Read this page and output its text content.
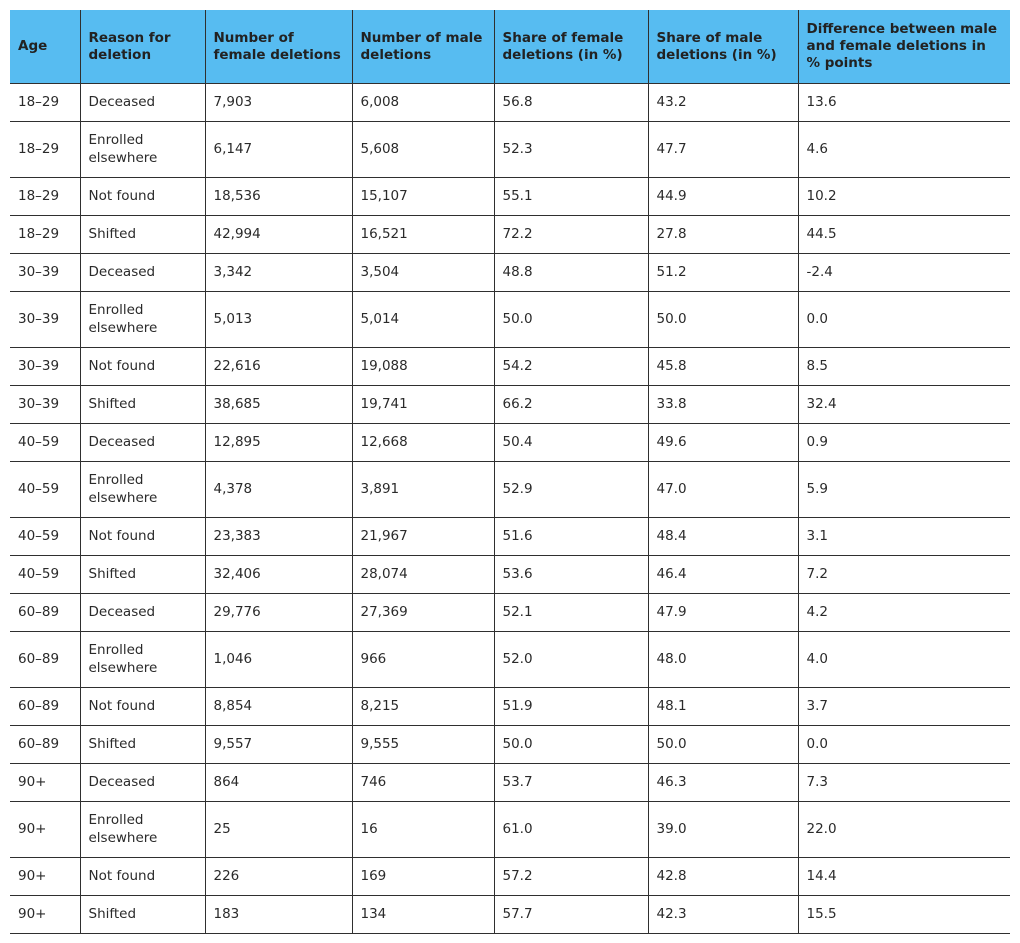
Age	Reason for deletion	Number of female deletions	Number of male deletions	Share of female deletions (in %)	Share of male deletions (in %)	Difference between male and female deletions in % points
18–29	Deceased	7,903	6,008	56.8	43.2	13.6
18–29	Enrolled elsewhere	6,147	5,608	52.3	47.7	4.6
18–29	Not found	18,536	15,107	55.1	44.9	10.2
18–29	Shifted	42,994	16,521	72.2	27.8	44.5
30–39	Deceased	3,342	3,504	48.8	51.2	-2.4
30–39	Enrolled elsewhere	5,013	5,014	50.0	50.0	0.0
30–39	Not found	22,616	19,088	54.2	45.8	8.5
30–39	Shifted	38,685	19,741	66.2	33.8	32.4
40–59	Deceased	12,895	12,668	50.4	49.6	0.9
40–59	Enrolled elsewhere	4,378	3,891	52.9	47.0	5.9
40–59	Not found	23,383	21,967	51.6	48.4	3.1
40–59	Shifted	32,406	28,074	53.6	46.4	7.2
60–89	Deceased	29,776	27,369	52.1	47.9	4.2
60–89	Enrolled elsewhere	1,046	966	52.0	48.0	4.0
60–89	Not found	8,854	8,215	51.9	48.1	3.7
60–89	Shifted	9,557	9,555	50.0	50.0	0.0
90+	Deceased	864	746	53.7	46.3	7.3
90+	Enrolled elsewhere	25	16	61.0	39.0	22.0
90+	Not found	226	169	57.2	42.8	14.4
90+	Shifted	183	134	57.7	42.3	15.5
